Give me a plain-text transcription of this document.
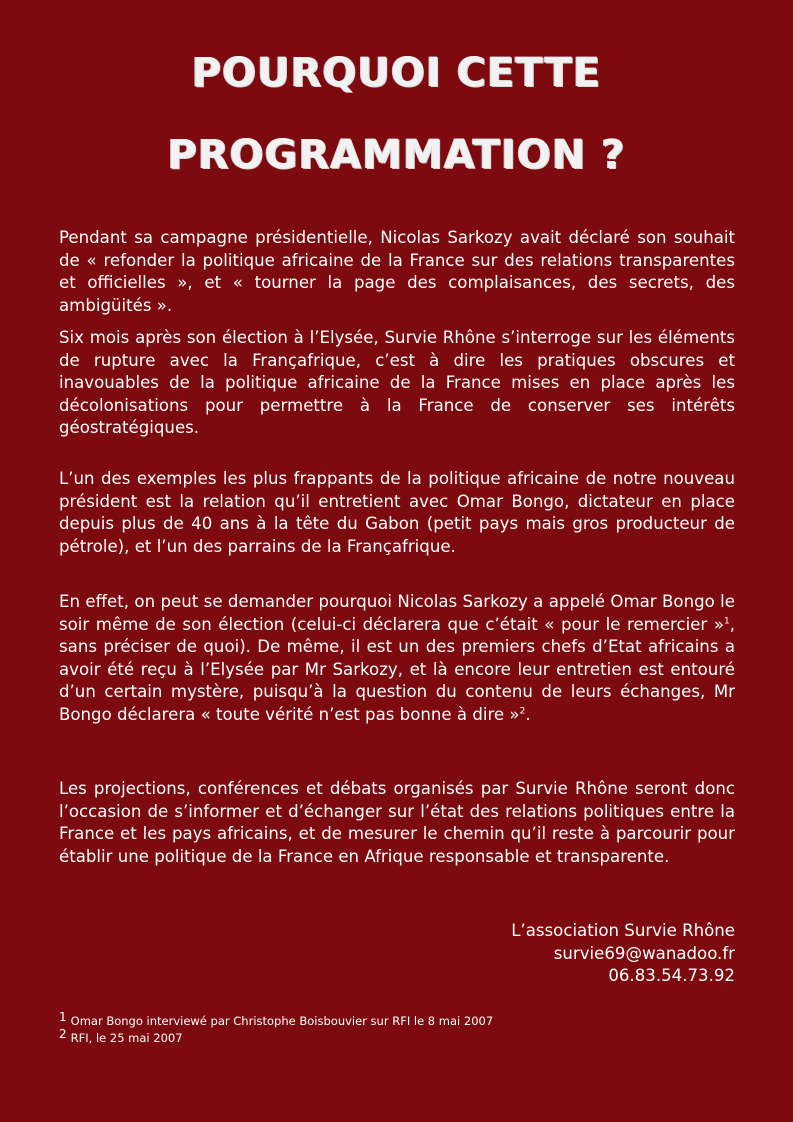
POURQUOI CETTE
PROGRAMMATION ?

Pendant sa campagne présidentielle, Nicolas Sarkozy avait déclaré son souhait de « refonder la politique africaine de la France sur des relations transparentes et officielles », et « tourner la page des complaisances, des secrets, des ambigüités ».

Six mois après son élection à l’Elysée, Survie Rhône s’interroge sur les éléments de rupture avec la Françafrique, c’est à dire les pratiques obscures et inavouables de la politique africaine de la France mises en place après les décolonisations pour permettre à la France de conserver ses intérêts géostratégiques.

L’un des exemples les plus frappants de la politique africaine de notre nouveau président est la relation qu’il entretient avec Omar Bongo, dictateur en place depuis plus de 40 ans à la tête du Gabon (petit pays mais gros producteur de pétrole), et l’un des parrains de la Françafrique.

En effet, on peut se demander pourquoi Nicolas Sarkozy a appelé Omar Bongo le soir même de son élection (celui-ci déclarera que c’était « pour le remercier »$^1$, sans préciser de quoi). De même, il est un des premiers chefs d’Etat africains a avoir été reçu à l’Elysée par Mr Sarkozy, et là encore leur entretien est entouré d’un certain mystère, puisqu’à la question du contenu de leurs échanges, Mr Bongo déclarera « toute vérité n’est pas bonne à dire »$^2$.

Les projections, conférences et débats organisés par Survie Rhône seront donc l’occasion de s’informer et d’échanger sur l’état des relations politiques entre la France et les pays africains, et de mesurer le chemin qu’il reste à parcourir pour établir une politique de la France en Afrique responsable et transparente.

L’association Survie Rhône
survie69@wanadoo.fr
06.83.54.73.92
1 Omar Bongo interviewé par Christophe Boisbouvier sur RFI le 8 mai 2007
2 RFI, le 25 mai 2007
